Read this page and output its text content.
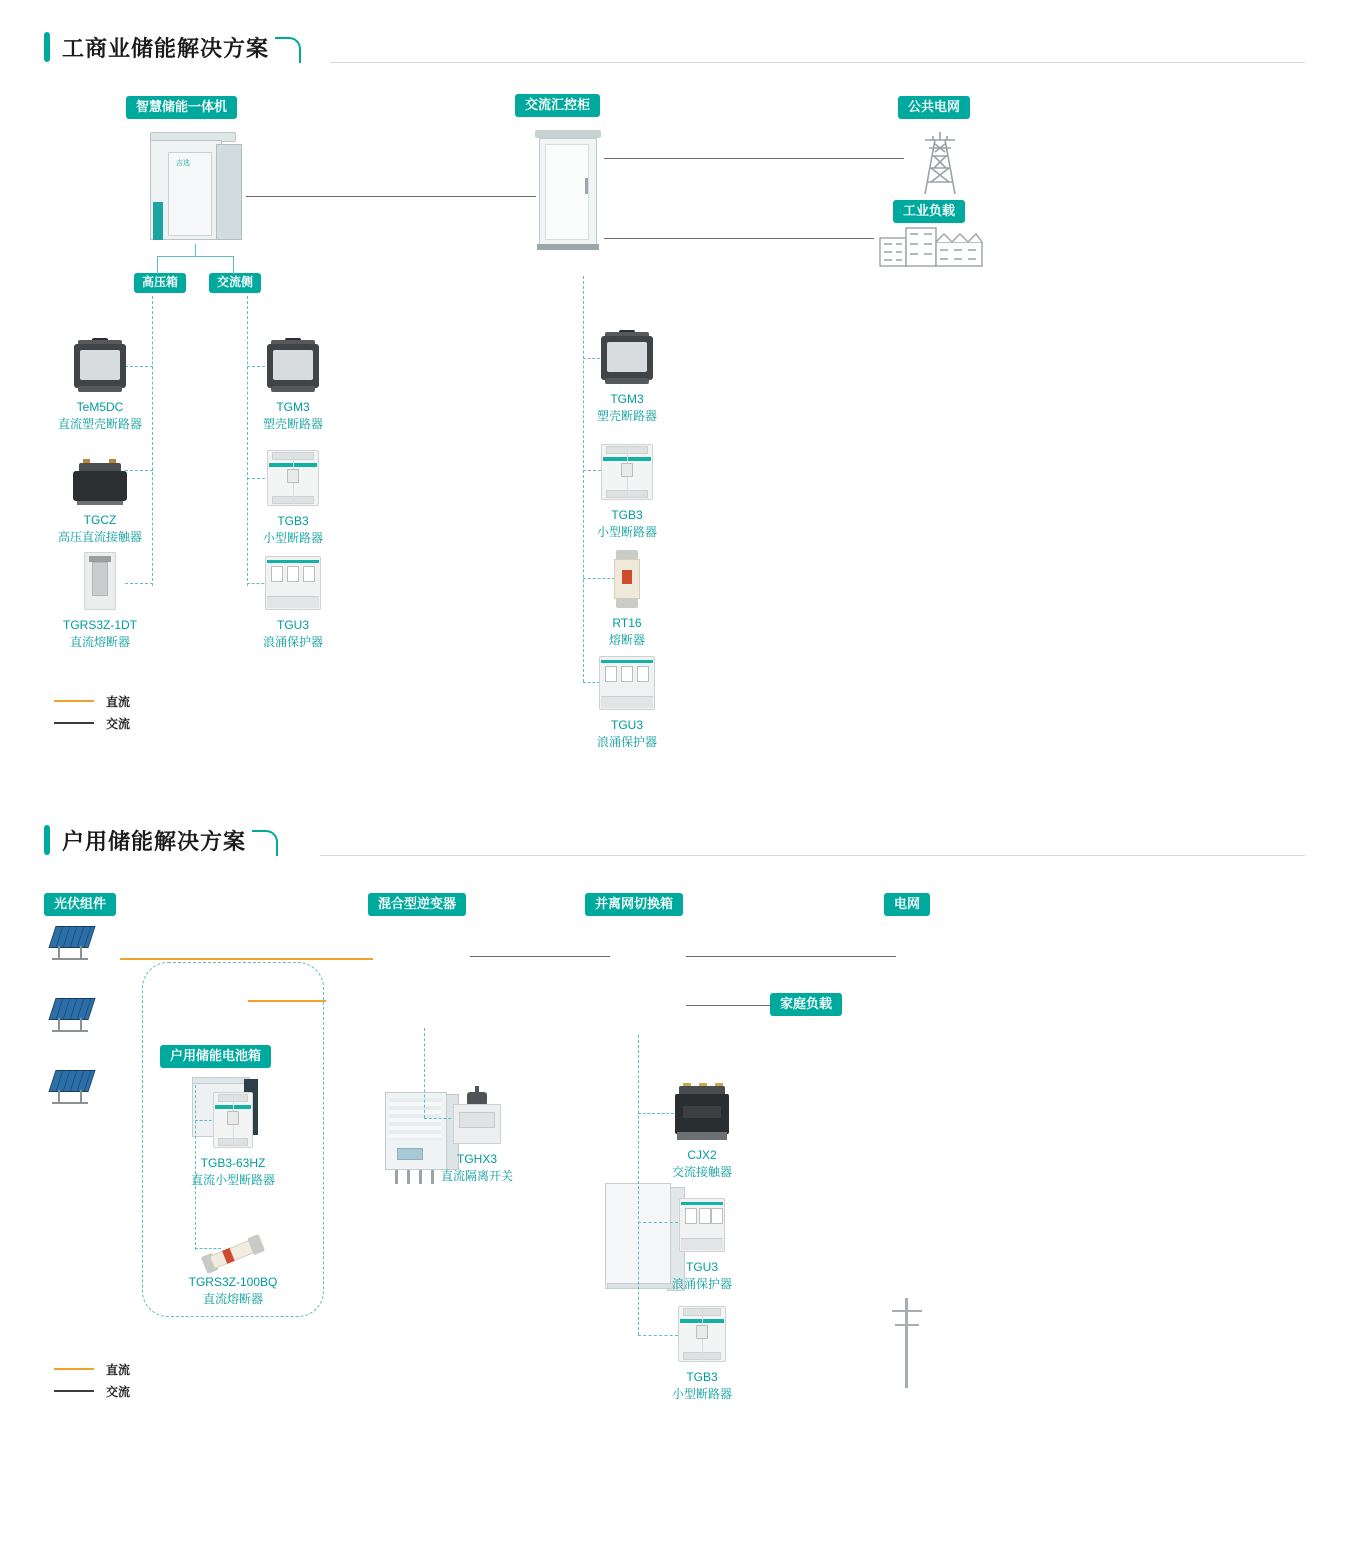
工商业储能解决方案
智慧储能一体机	交流汇控柜	公共电网
工业负载
吉选
高压箱	交流侧
TeM5DC
直流塑壳断路器
TGCZ
高压直流接触器
TGRS3Z-1DT
直流熔断器
TGM3
塑壳断路器
TGB3
小型断路器
TGU3
浪涌保护器
TGM3
塑壳断路器
TGB3
小型断路器
RT16
熔断器
TGU3
浪涌保护器
直流
交流
户用储能解决方案
光伏组件	混合型逆变器	并离网切换箱	电网
家庭负载
户用储能电池箱
TGB3-63HZ
直流小型断路器
TGRS3Z-100BQ
直流熔断器
TGHX3
直流隔离开关
CJX2
交流接触器
TGU3
浪涌保护器
TGB3
小型断路器
直流
交流
